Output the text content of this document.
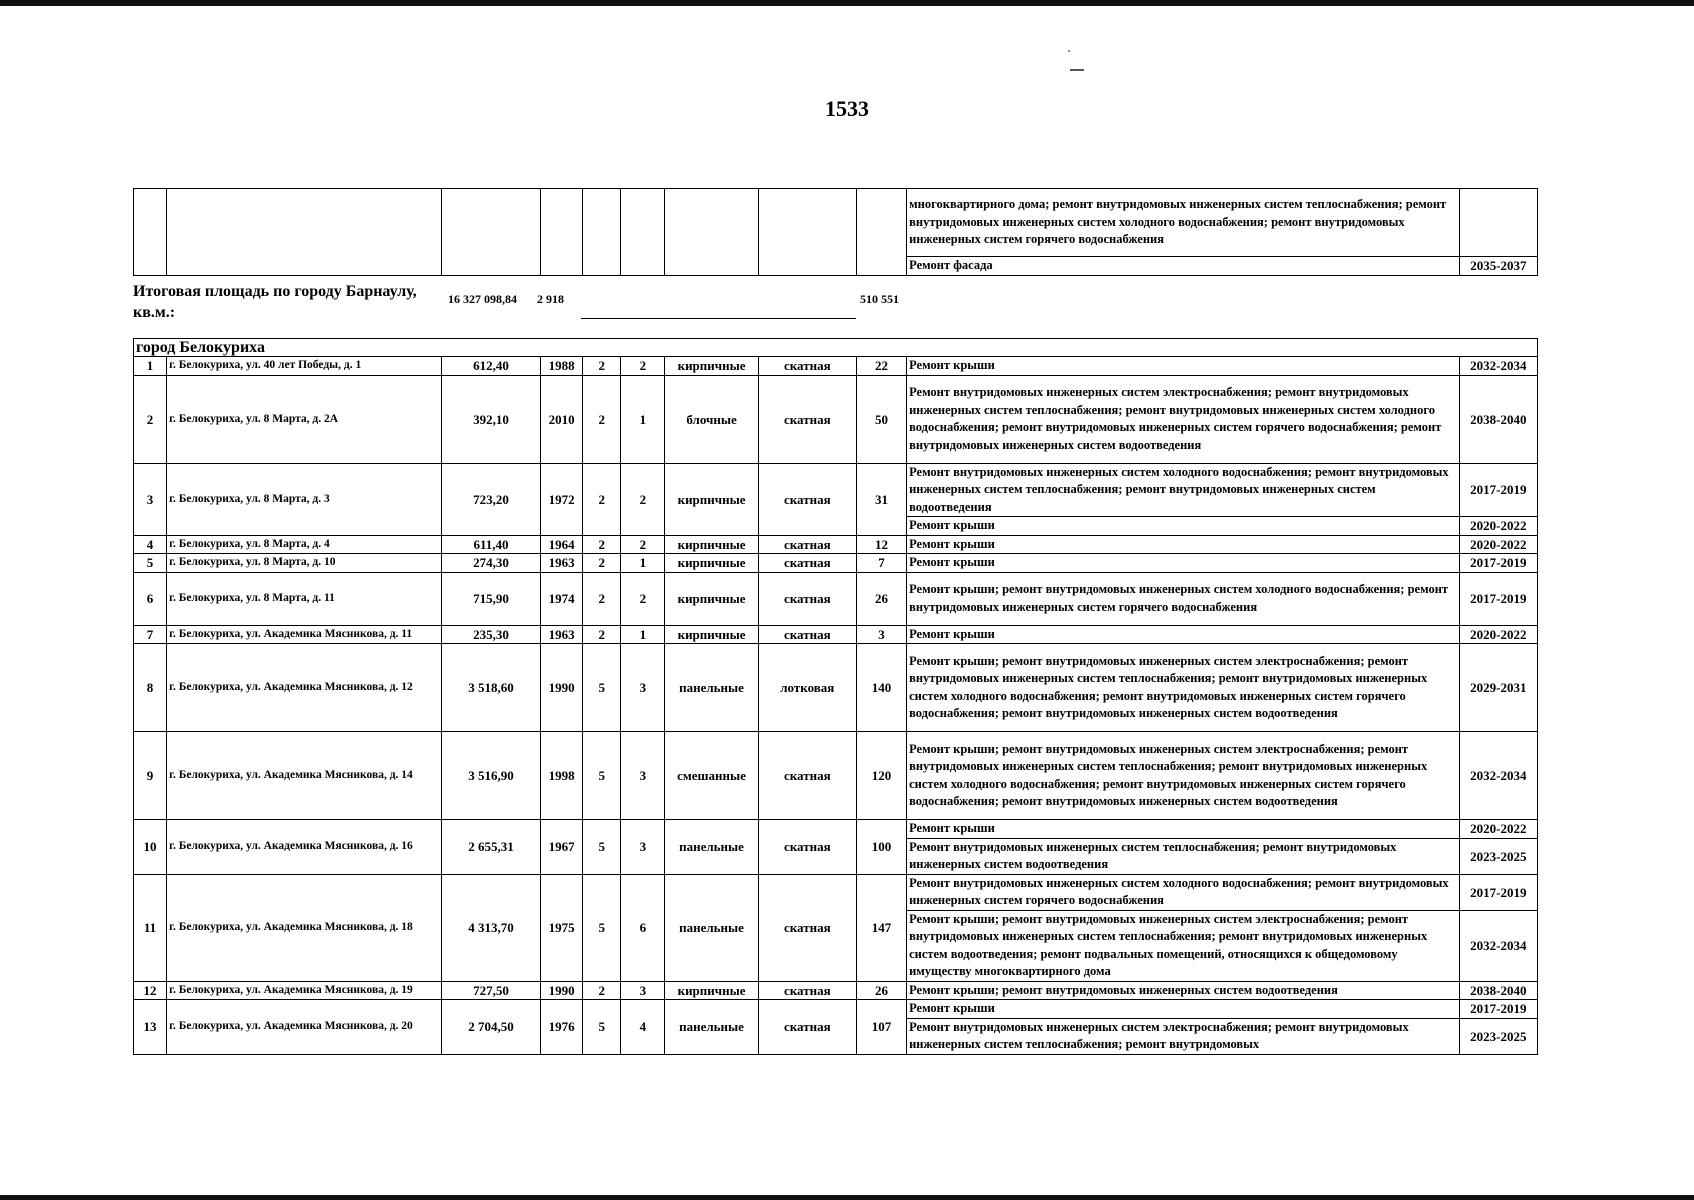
1533
									многоквартирного дома; ремонт внутридомовых инженерных систем теплоснабжения; ремонт внутридомовых инженерных систем холодного водоснабжения; ремонт внутридомовых инженерных систем горячего водоснабжения	
									Ремонт фасада	2035-2037
Итоговая площадь по городу Барнаулу, кв.м.:
16 327 098,84 2 918	510 551
город Белокуриха										
1	г. Белокуриха, ул. 40 лет Победы, д. 1	612,40	1988	2	2	кирпичные	скатная	22	Ремонт крыши	2032-2034
2	г. Белокуриха, ул. 8 Марта, д. 2А	392,10	2010	2	1	блочные	скатная	50	Ремонт внутридомовых инженерных систем электроснабжения; ремонт внутридомовых инженерных систем теплоснабжения; ремонт внутридомовых инженерных систем холодного водоснабжения; ремонт внутридомовых инженерных систем горячего водоснабжения; ремонт внутридомовых инженерных систем водоотведения	2038-2040
3	г. Белокуриха, ул. 8 Марта, д. 3	723,20	1972	2	2	кирпичные	скатная	31	Ремонт внутридомовых инженерных систем холодного водоснабжения; ремонт внутридомовых инженерных систем теплоснабжения; ремонт внутридомовых инженерных систем водоотведения	2017-2019
									Ремонт крыши	2020-2022
4	г. Белокуриха, ул. 8 Марта, д. 4	611,40	1964	2	2	кирпичные	скатная	12	Ремонт крыши	2020-2022
5	г. Белокуриха, ул. 8 Марта, д. 10	274,30	1963	2	1	кирпичные	скатная	7	Ремонт крыши	2017-2019
6	г. Белокуриха, ул. 8 Марта, д. 11	715,90	1974	2	2	кирпичные	скатная	26	Ремонт крыши; ремонт внутридомовых инженерных систем холодного водоснабжения; ремонт внутридомовых инженерных систем горячего водоснабжения	2017-2019
7	г. Белокуриха, ул. Академика Мясникова, д. 11	235,30	1963	2	1	кирпичные	скатная	3	Ремонт крыши	2020-2022
8	г. Белокуриха, ул. Академика Мясникова, д. 12	3 518,60	1990	5	3	панельные	лотковая	140	Ремонт крыши; ремонт внутридомовых инженерных систем электроснабжения; ремонт внутридомовых инженерных систем теплоснабжения; ремонт внутридомовых инженерных систем холодного водоснабжения; ремонт внутридомовых инженерных систем горячего водоснабжения; ремонт внутридомовых инженерных систем водоотведения	2029-2031
9	г. Белокуриха, ул. Академика Мясникова, д. 14	3 516,90	1998	5	3	смешанные	скатная	120	Ремонт крыши; ремонт внутридомовых инженерных систем электроснабжения; ремонт внутридомовых инженерных систем теплоснабжения; ремонт внутридомовых инженерных систем холодного водоснабжения; ремонт внутридомовых инженерных систем горячего водоснабжения; ремонт внутридомовых инженерных систем водоотведения	2032-2034
10	г. Белокуриха, ул. Академика Мясникова, д. 16	2 655,31	1967	5	3	панельные	скатная	100	Ремонт крыши	2020-2022
									Ремонт внутридомовых инженерных систем теплоснабжения; ремонт внутридомовых инженерных систем водоотведения	2023-2025
11	г. Белокуриха, ул. Академика Мясникова, д. 18	4 313,70	1975	5	6	панельные	скатная	147	Ремонт внутридомовых инженерных систем холодного водоснабжения; ремонт внутридомовых инженерных систем горячего водоснабжения	2017-2019
									Ремонт крыши; ремонт внутридомовых инженерных систем электроснабжения; ремонт внутридомовых инженерных систем теплоснабжения; ремонт внутридомовых инженерных систем водоотведения; ремонт подвальных помещений, относящихся к общедомовому имуществу многоквартирного дома	2032-2034
12	г. Белокуриха, ул. Академика Мясникова, д. 19	727,50	1990	2	3	кирпичные	скатная	26	Ремонт крыши; ремонт внутридомовых инженерных систем водоотведения	2038-2040
13	г. Белокуриха, ул. Академика Мясникова, д. 20	2 704,50	1976	5	4	панельные	скатная	107	Ремонт крыши	2017-2019
									Ремонт внутридомовых инженерных систем электроснабжения; ремонт внутридомовых инженерных систем теплоснабжения; ремонт внутридомовых	2023-2025
